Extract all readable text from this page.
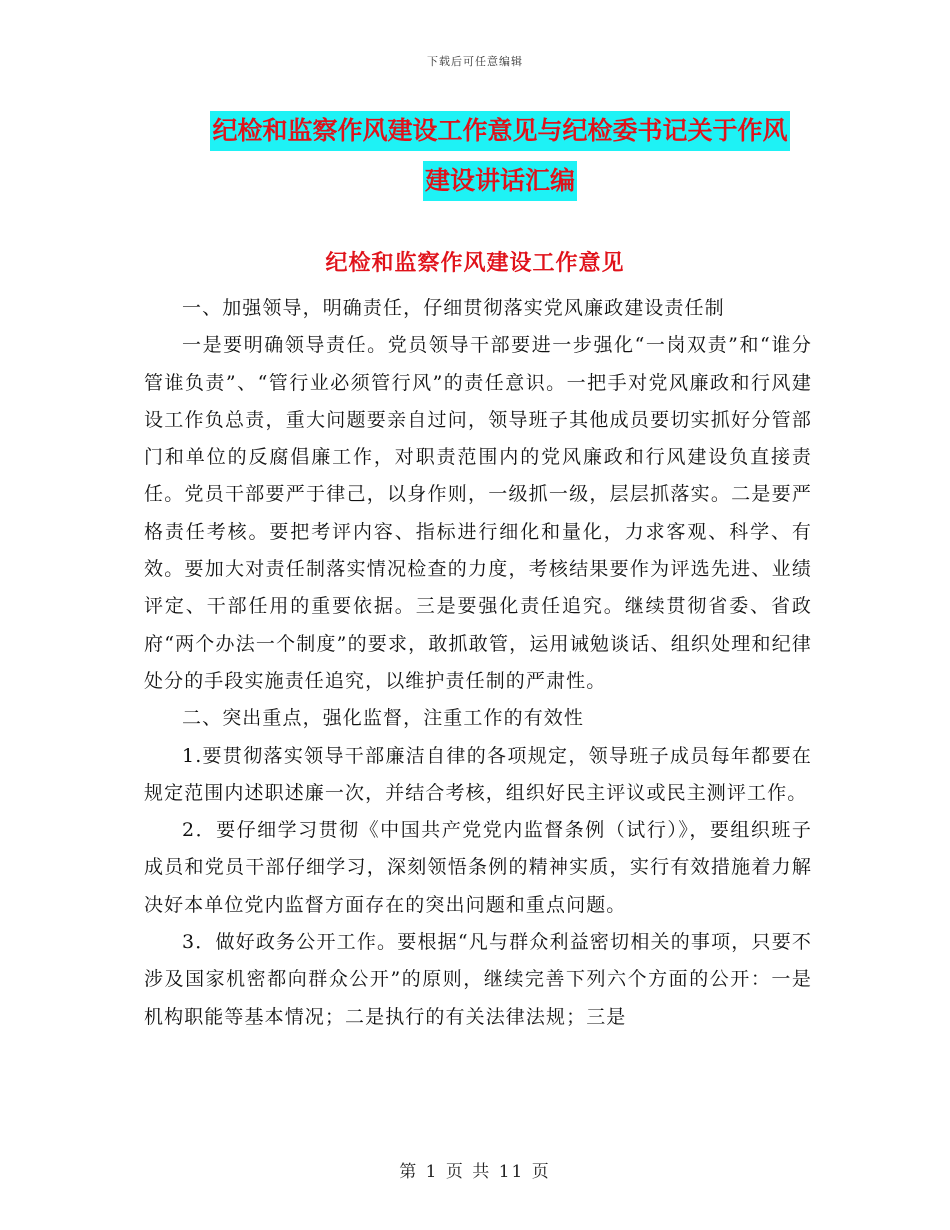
下载后可任意编辑
纪检和监察作风建设工作意见与纪检委书记关于作风
建设讲话汇编
纪检和监察作风建设工作意见

一、加强领导，明确责任，仔细贯彻落实党风廉政建设责任制

一是要明确领导责任。党员领导干部要进一步强化“一岗双责”和“谁分管谁负责”、“管行业必须管行风”的责任意识。一把手对党风廉政和行风建设工作负总责，重大问题要亲自过问，领导班子其他成员要切实抓好分管部门和单位的反腐倡廉工作，对职责范围内的党风廉政和行风建设负直接责任。党员干部要严于律己，以身作则，一级抓一级，层层抓落实。二是要严格责任考核。要把考评内容、指标进行细化和量化，力求客观、科学、有效。要加大对责任制落实情况检查的力度，考核结果要作为评选先进、业绩评定、干部任用的重要依据。三是要强化责任追究。继续贯彻省委、省政府“两个办法一个制度”的要求，敢抓敢管，运用诫勉谈话、组织处理和纪律处分的手段实施责任追究，以维护责任制的严肃性。

二、突出重点，强化监督，注重工作的有效性

1.要贯彻落实领导干部廉洁自律的各项规定，领导班子成员每年都要在规定范围内述职述廉一次，并结合考核，组织好民主评议或民主测评工作。

2．要仔细学习贯彻《中国共产党党内监督条例（试行）》，要组织班子成员和党员干部仔细学习，深刻领悟条例的精神实质，实行有效措施着力解决好本单位党内监督方面存在的突出问题和重点问题。

3．做好政务公开工作。要根据“凡与群众利益密切相关的事项，只要不涉及国家机密都向群众公开”的原则，继续完善下列六个方面的公开：一是机构职能等基本情况；二是执行的有关法律法规；三是

第 1 页 共 11 页
